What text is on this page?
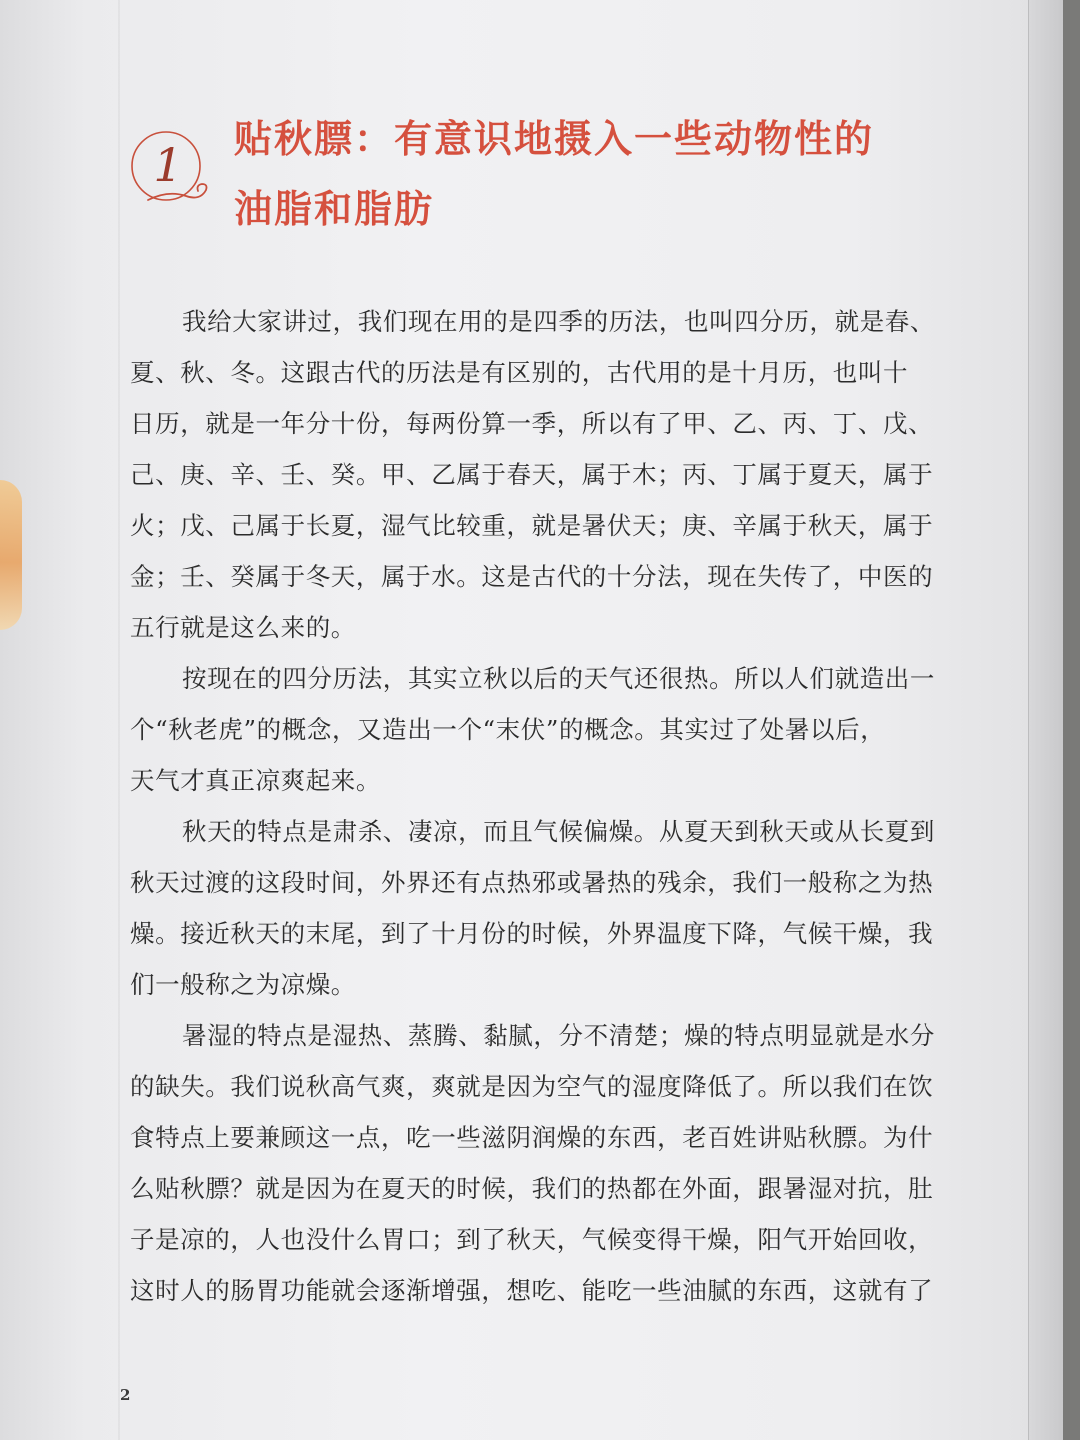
1 贴秋膘：有意识地摄入一些动物性的
油脂和脂肪
我给大家讲过，我们现在用的是四季的历法，也叫四分历，就是春、
夏、秋、冬。这跟古代的历法是有区别的，古代用的是十月历，也叫十
日历，就是一年分十份，每两份算一季，所以有了甲、乙、丙、丁、戊、
己、庚、辛、壬、癸。甲、乙属于春天，属于木；丙、丁属于夏天，属于
火；戊、己属于长夏，湿气比较重，就是暑伏天；庚、辛属于秋天，属于
金；壬、癸属于冬天，属于水。这是古代的十分法，现在失传了，中医的
五行就是这么来的。
按现在的四分历法，其实立秋以后的天气还很热。所以人们就造出一
个“秋老虎”的概念，又造出一个“末伏”的概念。其实过了处暑以后，
天气才真正凉爽起来。
秋天的特点是肃杀、凄凉，而且气候偏燥。从夏天到秋天或从长夏到
秋天过渡的这段时间，外界还有点热邪或暑热的残余，我们一般称之为热
燥。接近秋天的末尾，到了十月份的时候，外界温度下降，气候干燥，我
们一般称之为凉燥。
暑湿的特点是湿热、蒸腾、黏腻，分不清楚；燥的特点明显就是水分
的缺失。我们说秋高气爽，爽就是因为空气的湿度降低了。所以我们在饮
食特点上要兼顾这一点，吃一些滋阴润燥的东西，老百姓讲贴秋膘。为什
么贴秋膘？就是因为在夏天的时候，我们的热都在外面，跟暑湿对抗，肚
子是凉的，人也没什么胃口；到了秋天，气候变得干燥，阳气开始回收，
这时人的肠胃功能就会逐渐增强，想吃、能吃一些油腻的东西，这就有了
2
